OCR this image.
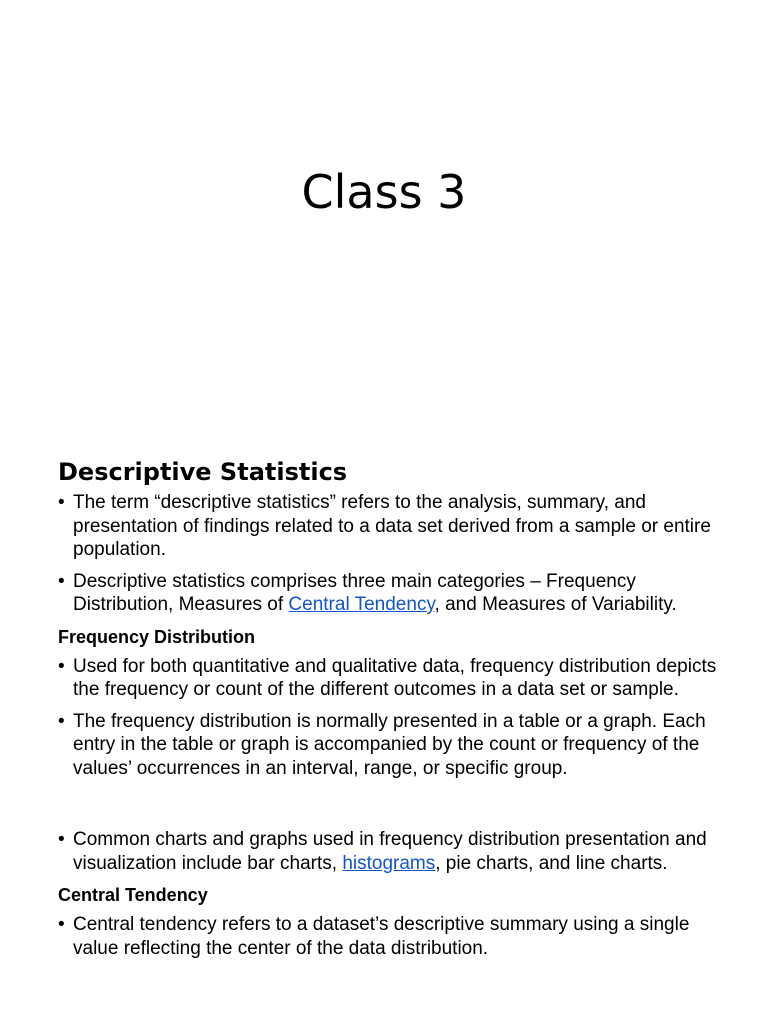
Class 3
Descriptive Statistics
• The term “descriptive statistics” refers to the analysis, summary, and presentation of findings related to a data set derived from a sample or entire population.
• Descriptive statistics comprises three main categories – Frequency Distribution, Measures of Central Tendency, and Measures of Variability.
Frequency Distribution
• Used for both quantitative and qualitative data, frequency distribution depicts the frequency or count of the different outcomes in a data set or sample.
• The frequency distribution is normally presented in a table or a graph. Each entry in the table or graph is accompanied by the count or frequency of the values’ occurrences in an interval, range, or specific group.
• Common charts and graphs used in frequency distribution presentation and visualization include bar charts, histograms, pie charts, and line charts.
Central Tendency
• Central tendency refers to a dataset’s descriptive summary using a single value reflecting the center of the data distribution.
